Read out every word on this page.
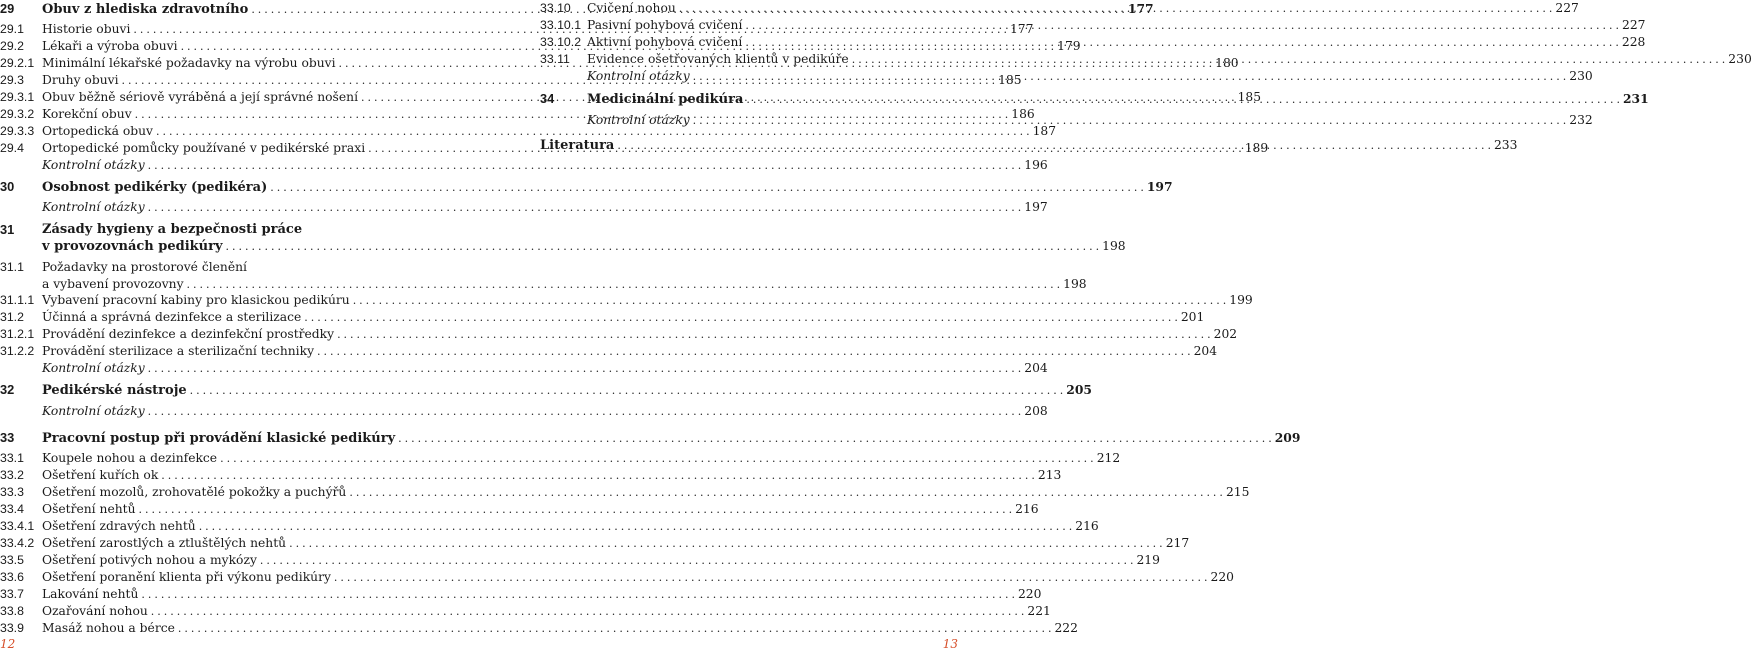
29	Obuv z hlediska zdravotního . . .	177
29.1	Historie obuvi . . .	177
29.2	Lékaři a výroba obuvi . . .	179
29.2.1 Minimální lékařské požadavky na výrobu obuvi . . .	180
29.3	Druhy obuvi . . .	185
29.3.1 Obuv běžně sériově vyráběná a její správné nošení . . .	185
29.3.2 Korekční obuv . . .	186
29.3.3 Ortopedická obuv . . .	187
29.4	Ortopedické pomůcky používané v pedikérské praxi . . .	189
Kontrolní otázky . . .	196
30	Osobnost pedikérky (pedikéra) . . .	197
Kontrolní otázky . . .	197
31	Zásady hygieny a bezpečnosti práce
v provozovnách pedikúry . . .	198
31.1	Požadavky na prostorové členění
a vybavení provozovny . . .	198
31.1.1 Vybavení pracovní kabiny pro klasickou pedikúru . . .	199
31.2	Účinná a správná dezinfekce a sterilizace . . .	201
31.2.1 Provádění dezinfekce a dezinfekční prostředky . . .	202
31.2.2 Provádění sterilizace a sterilizační techniky . . .	204
Kontrolní otázky . . .	204
32	Pedikérské nástroje . . .	205
Kontrolní otázky . . .	208
33	Pracovní postup při provádění klasické pedikúry . . .	209
33.1	Koupele nohou a dezinfekce . . .	212
33.2	Ošetření kuřích ok . . .	213
33.3	Ošetření mozolů, zrohovatělé pokožky a puchýřů . . .	215
33.4	Ošetření nehtů . . .	216
33.4.1 Ošetření zdravých nehtů . . .	216
33.4.2 Ošetření zarostlých a ztluštělých nehtů . . .	217
33.5	Ošetření potivých nohou a mykózy . . .	219
33.6	Ošetření poranění klienta při výkonu pedikúry . . .	220
33.7	Lakování nehtů . . .	220
33.8	Ozařování nohou . . .	221
33.9	Masáž nohou a bérce . . .	222
33.10	Cvičení nohou . . .	227
33.10.1 Pasivní pohybová cvičení . . .	227
33.10.2 Aktivní pohybová cvičení . . .	228
33.11	Evidence ošetřovaných klientů v pedikúře . . .	230
Kontrolní otázky . . .	230
34	Medicinální pedikúra . . .	231
Kontrolní otázky . . .	232
Literatura . . .	233
12	13
